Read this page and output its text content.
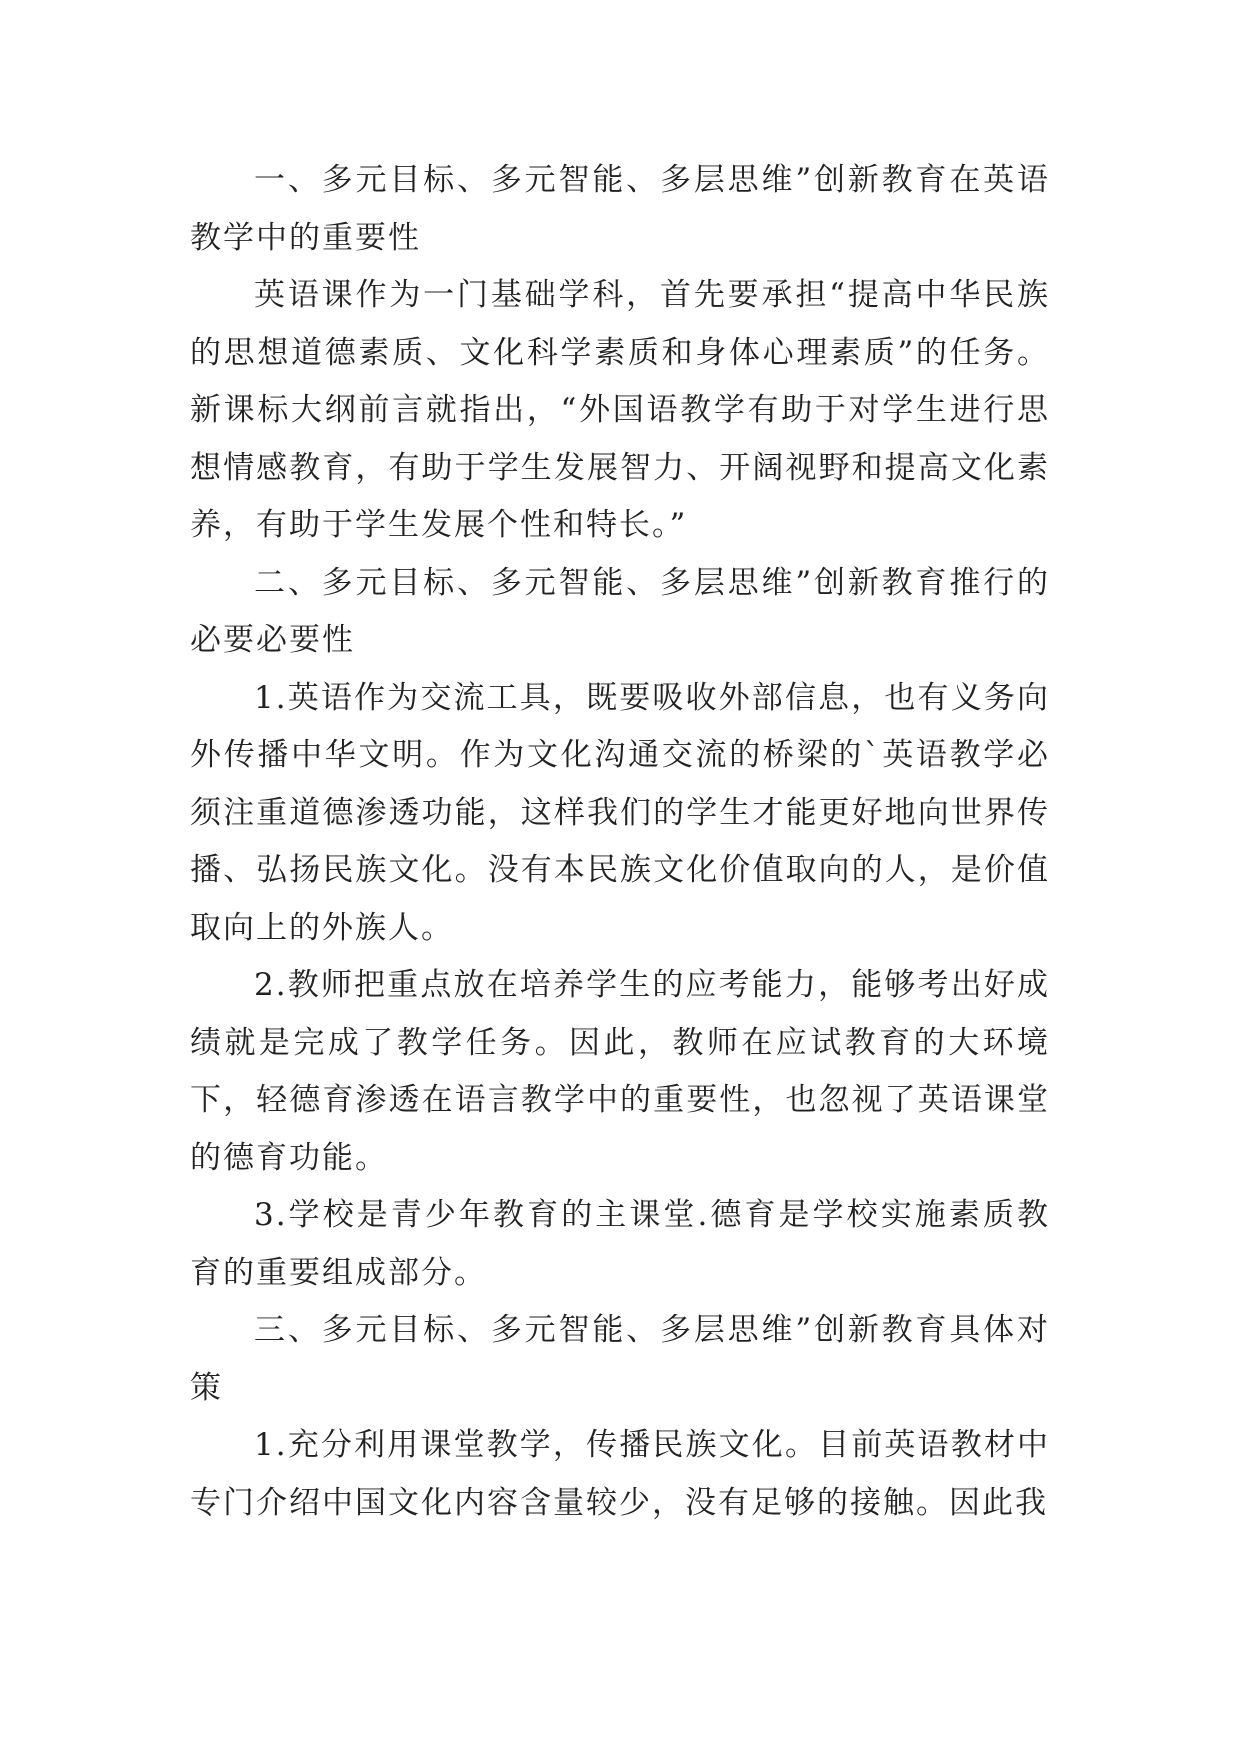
一、多元目标、多元智能、多层思维”创新教育在英语教学中的重要性

英语课作为一门基础学科，首先要承担“提高中华民族的思想道德素质、文化科学素质和身体心理素质”的任务。新课标大纲前言就指出，“外国语教学有助于对学生进行思想情感教育，有助于学生发展智力、开阔视野和提高文化素养，有助于学生发展个性和特长。”

二、多元目标、多元智能、多层思维”创新教育推行的必要必要性

1.英语作为交流工具，既要吸收外部信息，也有义务向外传播中华文明。作为文化沟通交流的桥梁的`英语教学必须注重道德渗透功能，这样我们的学生才能更好地向世界传播、弘扬民族文化。没有本民族文化价值取向的人，是价值取向上的外族人。

2.教师把重点放在培养学生的应考能力，能够考出好成绩就是完成了教学任务。因此，教师在应试教育的大环境下，轻德育渗透在语言教学中的重要性，也忽视了英语课堂的德育功能。

3.学校是青少年教育的主课堂.德育是学校实施素质教育的重要组成部分。

三、多元目标、多元智能、多层思维”创新教育具体对策

1.充分利用课堂教学，传播民族文化。目前英语教材中专门介绍中国文化内容含量较少，没有足够的接触。因此我
